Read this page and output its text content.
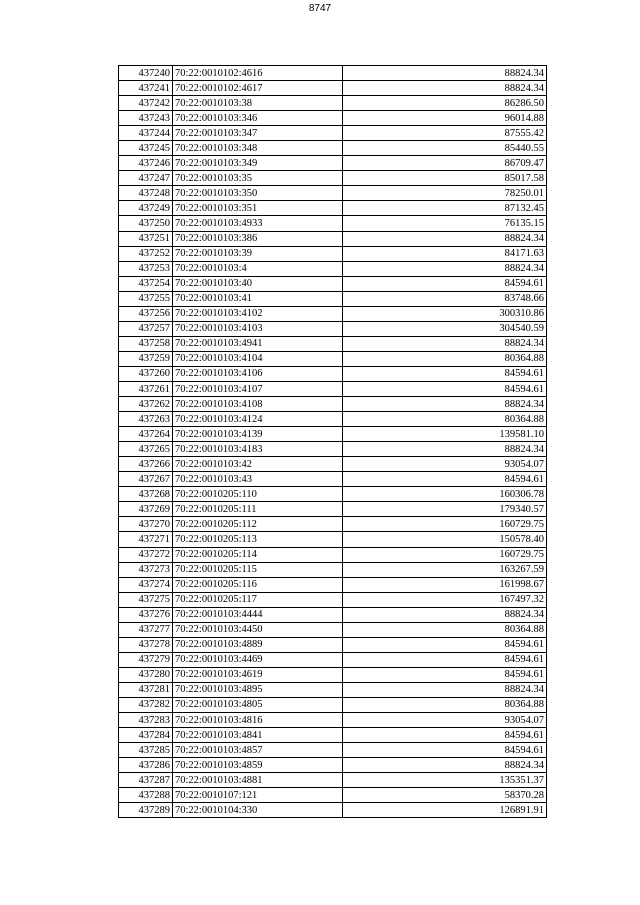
8747
437240	70:22:0010102:4616	88824.34
437241	70:22:0010102:4617	88824.34
437242	70:22:0010103:38	86286.50
437243	70:22:0010103:346	96014.88
437244	70:22:0010103:347	87555.42
437245	70:22:0010103:348	85440.55
437246	70:22:0010103:349	86709.47
437247	70:22:0010103:35	85017.58
437248	70:22:0010103:350	78250.01
437249	70:22:0010103:351	87132.45
437250	70:22:0010103:4933	76135.15
437251	70:22:0010103:386	88824.34
437252	70:22:0010103:39	84171.63
437253	70:22:0010103:4	88824.34
437254	70:22:0010103:40	84594.61
437255	70:22:0010103:41	83748.66
437256	70:22:0010103:4102	300310.86
437257	70:22:0010103:4103	304540.59
437258	70:22:0010103:4941	88824.34
437259	70:22:0010103:4104	80364.88
437260	70:22:0010103:4106	84594.61
437261	70:22:0010103:4107	84594.61
437262	70:22:0010103:4108	88824.34
437263	70:22:0010103:4124	80364.88
437264	70:22:0010103:4139	139581.10
437265	70:22:0010103:4183	88824.34
437266	70:22:0010103:42	93054.07
437267	70:22:0010103:43	84594.61
437268	70:22:0010205:110	160306.78
437269	70:22:0010205:111	179340.57
437270	70:22:0010205:112	160729.75
437271	70:22:0010205:113	150578.40
437272	70:22:0010205:114	160729.75
437273	70:22:0010205:115	163267.59
437274	70:22:0010205:116	161998.67
437275	70:22:0010205:117	167497.32
437276	70:22:0010103:4444	88824.34
437277	70:22:0010103:4450	80364.88
437278	70:22:0010103:4889	84594.61
437279	70:22:0010103:4469	84594.61
437280	70:22:0010103:4619	84594.61
437281	70:22:0010103:4895	88824.34
437282	70:22:0010103:4805	80364.88
437283	70:22:0010103:4816	93054.07
437284	70:22:0010103:4841	84594.61
437285	70:22:0010103:4857	84594.61
437286	70:22:0010103:4859	88824.34
437287	70:22:0010103:4881	135351.37
437288	70:22:0010107:121	58370.28
437289	70:22:0010104:330	126891.91
